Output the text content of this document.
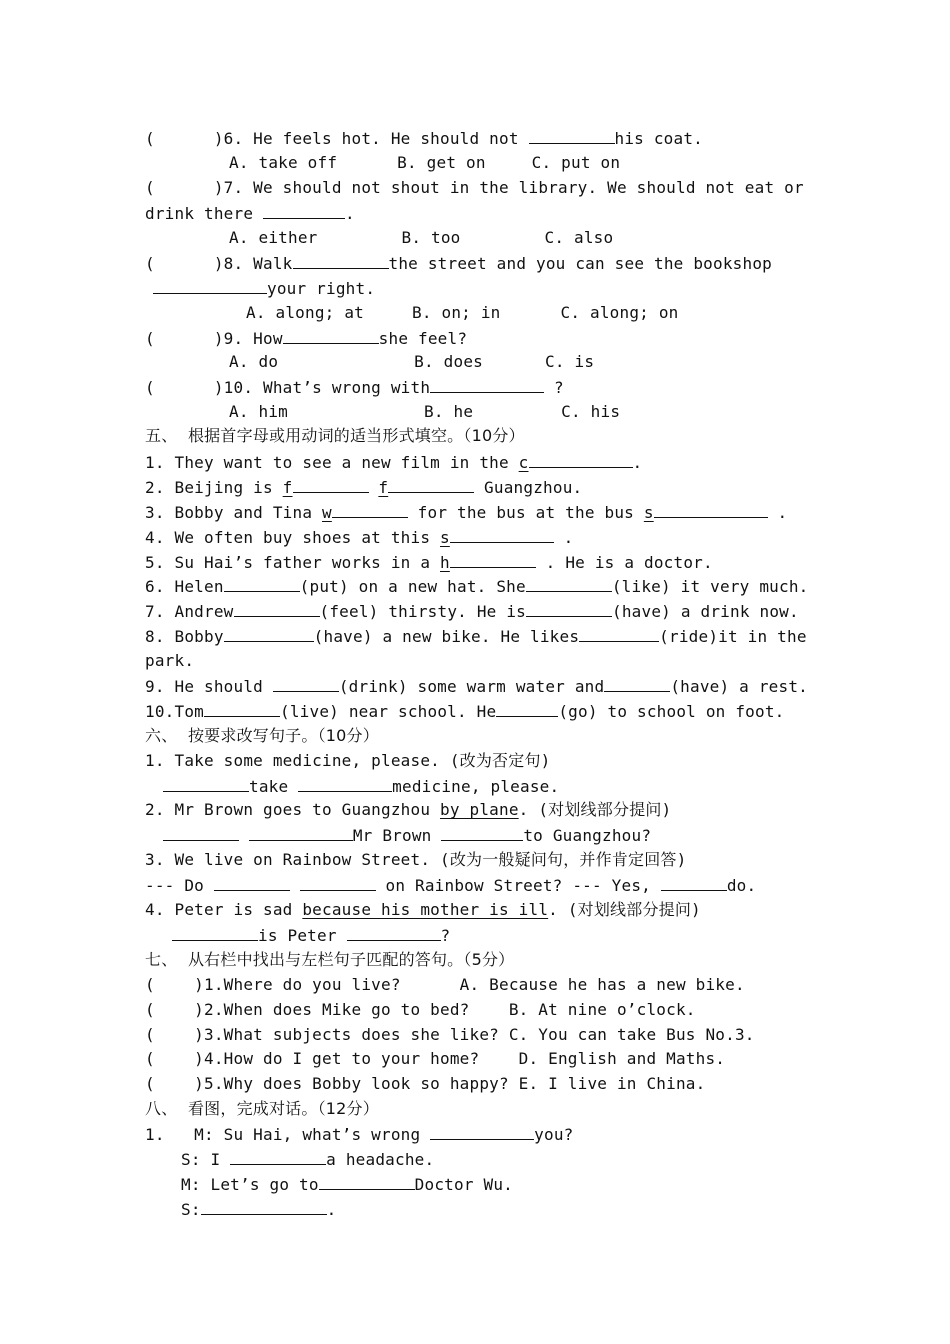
(      )6. He feels hot. He should not	his coat.
A. take off	B. get on	C. put on
(      )7. We should not shout in the library. We should not eat or
drink there	.
A. either	B. too	C. also
(      )8. Walk	the street and you can see the bookshop
your right.
A. along; at	B. on; in	C. along; on
(      )9. How	she feel?
A. do	B. does	C. is
(      )10. What’s wrong with	?
A. him	B. he	C. his
五、  根据首字母或用动词的适当形式填空。（10分）
1. They want to see a new film in the c	.
2. Beijing is f	f	Guangzhou.
3. Bobby and Tina w	for the bus at the bus s	.
4. We often buy shoes at this s	.
5. Su Hai’s father works in a h	. He is a doctor.
6. Helen	(put) on a new hat. She	(like) it very much.
7. Andrew	(feel) thirsty. He is	(have) a drink now.
8. Bobby	(have) a new bike. He likes	(ride)it in the
park.
9. He should	(drink) some warm water and	(have) a rest.
10.Tom	(live) near school. He	(go) to school on foot.
六、  按要求改写句子。（10分）
1. Take some medicine, please. (改为否定句)
take	medicine, please.
2. Mr Brown goes to Guangzhou by plane. (对划线部分提问)
Mr Brown	to Guangzhou?
3. We live on Rainbow Street. (改为一般疑问句，并作肯定回答)
--- Do	on Rainbow Street? --- Yes,	do.
4. Peter is sad because his mother is ill. (对划线部分提问)
is Peter	?
七、  从右栏中找出与左栏句子匹配的答句。（5分）
(    )1.Where do you live?      A. Because he has a new bike.
(    )2.When does Mike go to bed?    B. At nine o’clock.
(    )3.What subjects does she like? C. You can take Bus No.3.
(    )4.How do I get to your home?    D. English and Maths.
(    )5.Why does Bobby look so happy? E. I live in China.
八、  看图，完成对话。（12分）
1.   M: Su Hai, what’s wrong	you?
S: I	a headache.
M: Let’s go to	Doctor Wu.
S:	.
